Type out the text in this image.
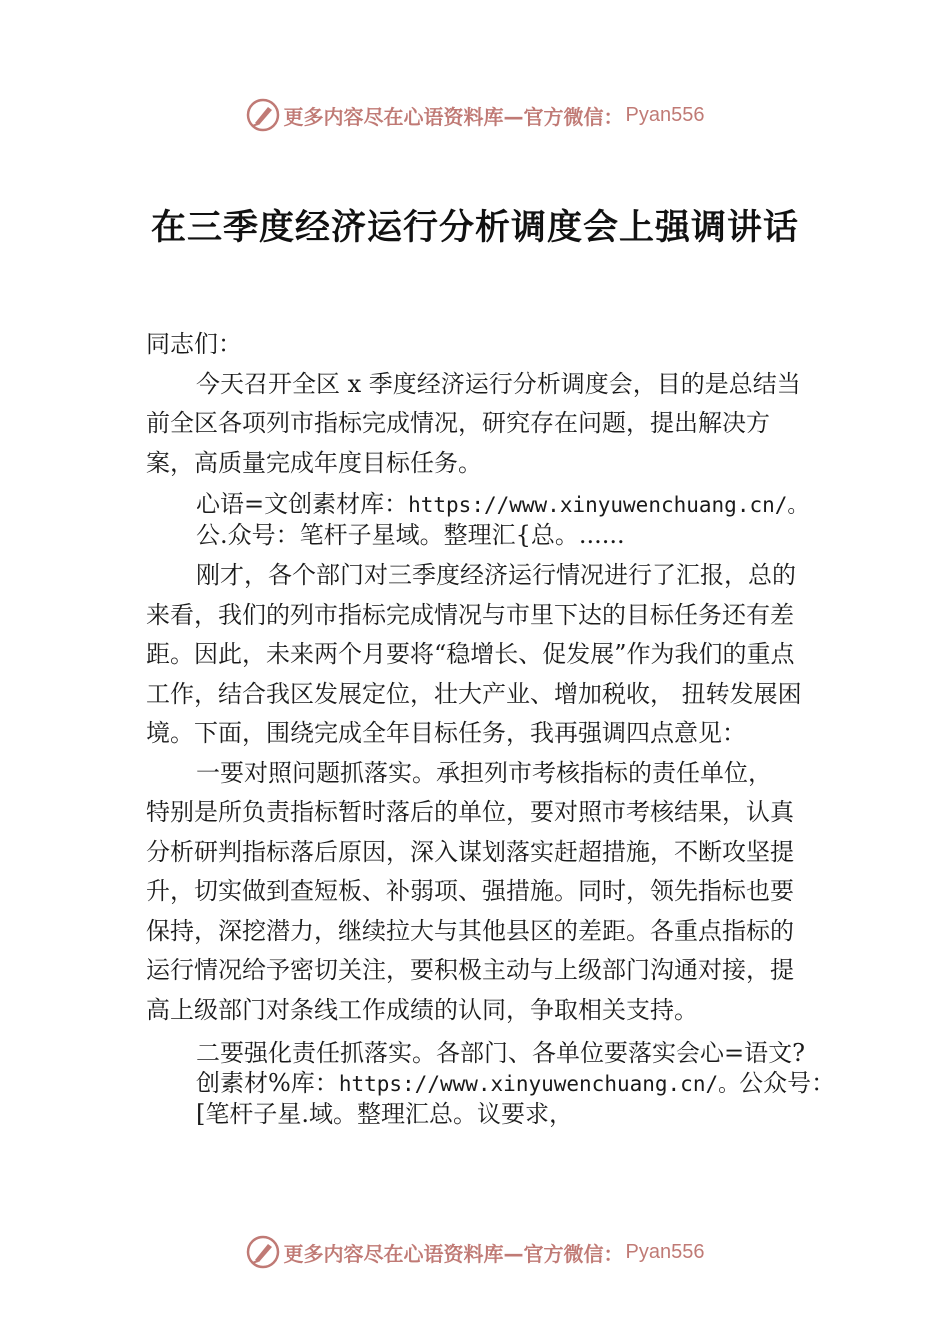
更多内容尽在心语资料库—官方微信： Pyan556
在三季度经济运行分析调度会上强调讲话

同志们：

今天召开全区 x 季度经济运行分析调度会，目的是总结当前全区各项列市指标完成情况，研究存在问题，提出解决方案，高质量完成年度目标任务。

心语=文创素材库：https://www.xinyuwenchuang.cn/。
公.众号：笔杆子星域。整理汇{总。......

刚才，各个部门对三季度经济运行情况进行了汇报，总的来看，我们的列市指标完成情况与市里下达的目标任务还有差距。因此，未来两个月要将“稳增长、促发展”作为我们的重点工作，结合我区发展定位，壮大产业、增加税收， 扭转发展困境。下面，围绕完成全年目标任务，我再强调四点意见：

一要对照问题抓落实。承担列市考核指标的责任单位，

特别是所负责指标暂时落后的单位，要对照市考核结果，认真分析研判指标落后原因，深入谋划落实赶超措施，不断攻坚提升，切实做到查短板、补弱项、强措施。同时，领先指标也要保持，深挖潜力，继续拉大与其他县区的差距。各重点指标的运行情况给予密切关注，要积极主动与上级部门沟通对接，提高上级部门对条线工作成绩的认同，争取相关支持。

二要强化责任抓落实。各部门、各单位要落实会心=语文?
创素材%库：https://www.xinyuwenchuang.cn/。公众号：
[笔杆子星.域。整理汇总。议要求，
更多内容尽在心语资料库—官方微信： Pyan556
